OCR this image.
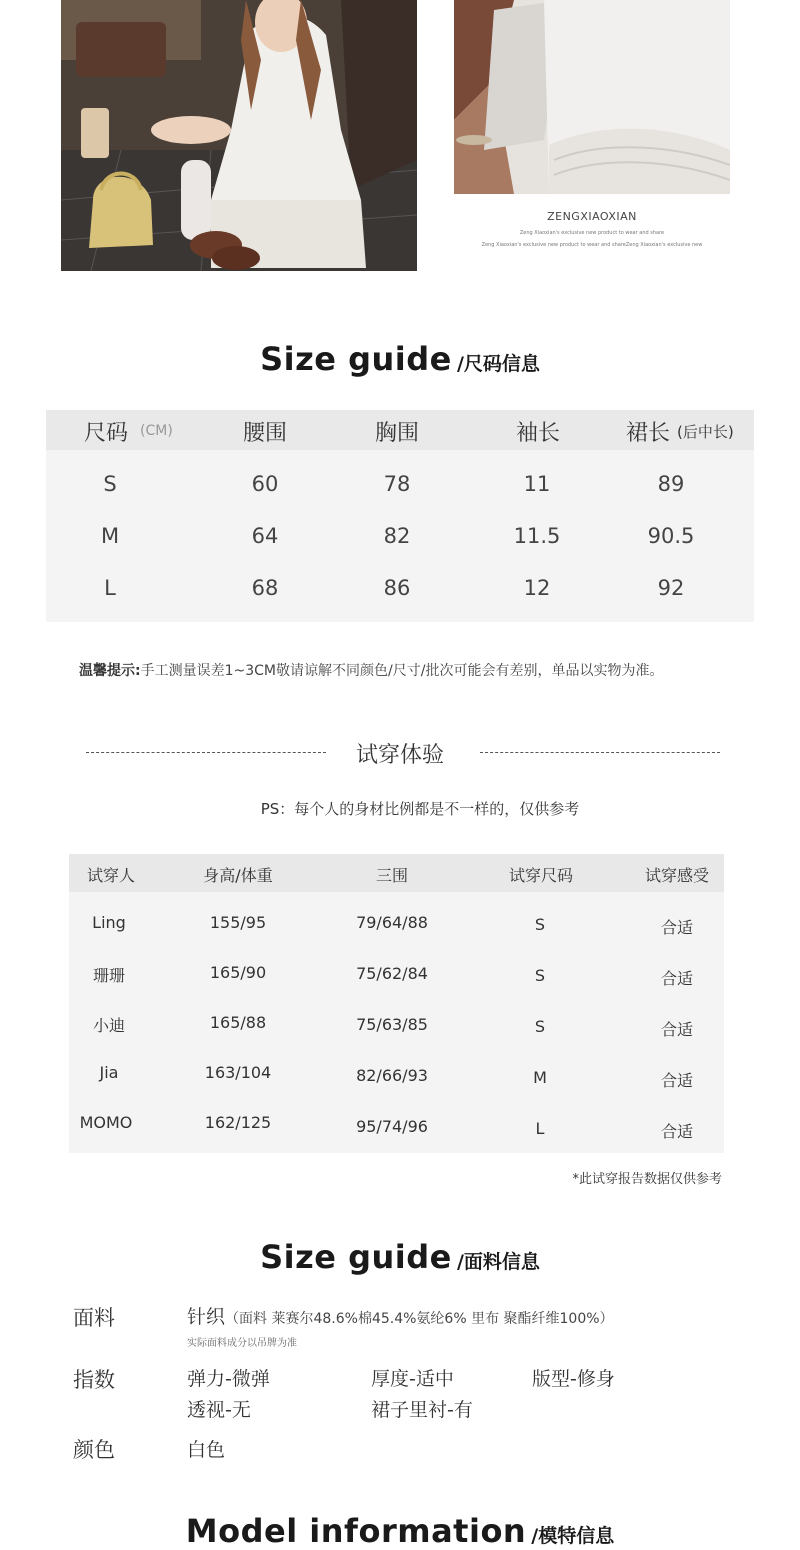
ZENGXIAOXIAN
Zeng Xiaoxian's exclusive new product to wear and share
Zeng Xiaoxian's exclusive new product to wear and shareZeng Xiaoxian's exclusive new
Size guide /尺码信息
尺码 (CM)	腰围	胸围	袖长	裙长 (后中长)
S	60	78	11	89
M	64	82	11.5	90.5
L	68	86	12	92
温馨提示:手工测量误差1~3CM敬请谅解不同颜色/尺寸/批次可能会有差别，单品以实物为准。
试穿体验
PS：每个人的身材比例都是不一样的，仅供参考
试穿人	身高/体重	三围	试穿尺码	试穿感受
Ling	155/95	79/64/88	S	合适
珊珊	165/90	75/62/84	S	合适
小迪	165/88	75/63/85	S	合适
Jia	163/104	82/66/93	M	合适
MOMO	162/125	95/74/96	L	合适
*此试穿报告数据仅供参考
Size guide /面料信息
面料	针织（面料 莱赛尔48.6%棉45.4%氨纶6% 里布 聚酯纤维100%）
实际面料成分以吊牌为准
指数	弹力-微弹	厚度-适中	版型-修身
透视-无	裙子里衬-有
颜色	白色
Model information /模特信息
